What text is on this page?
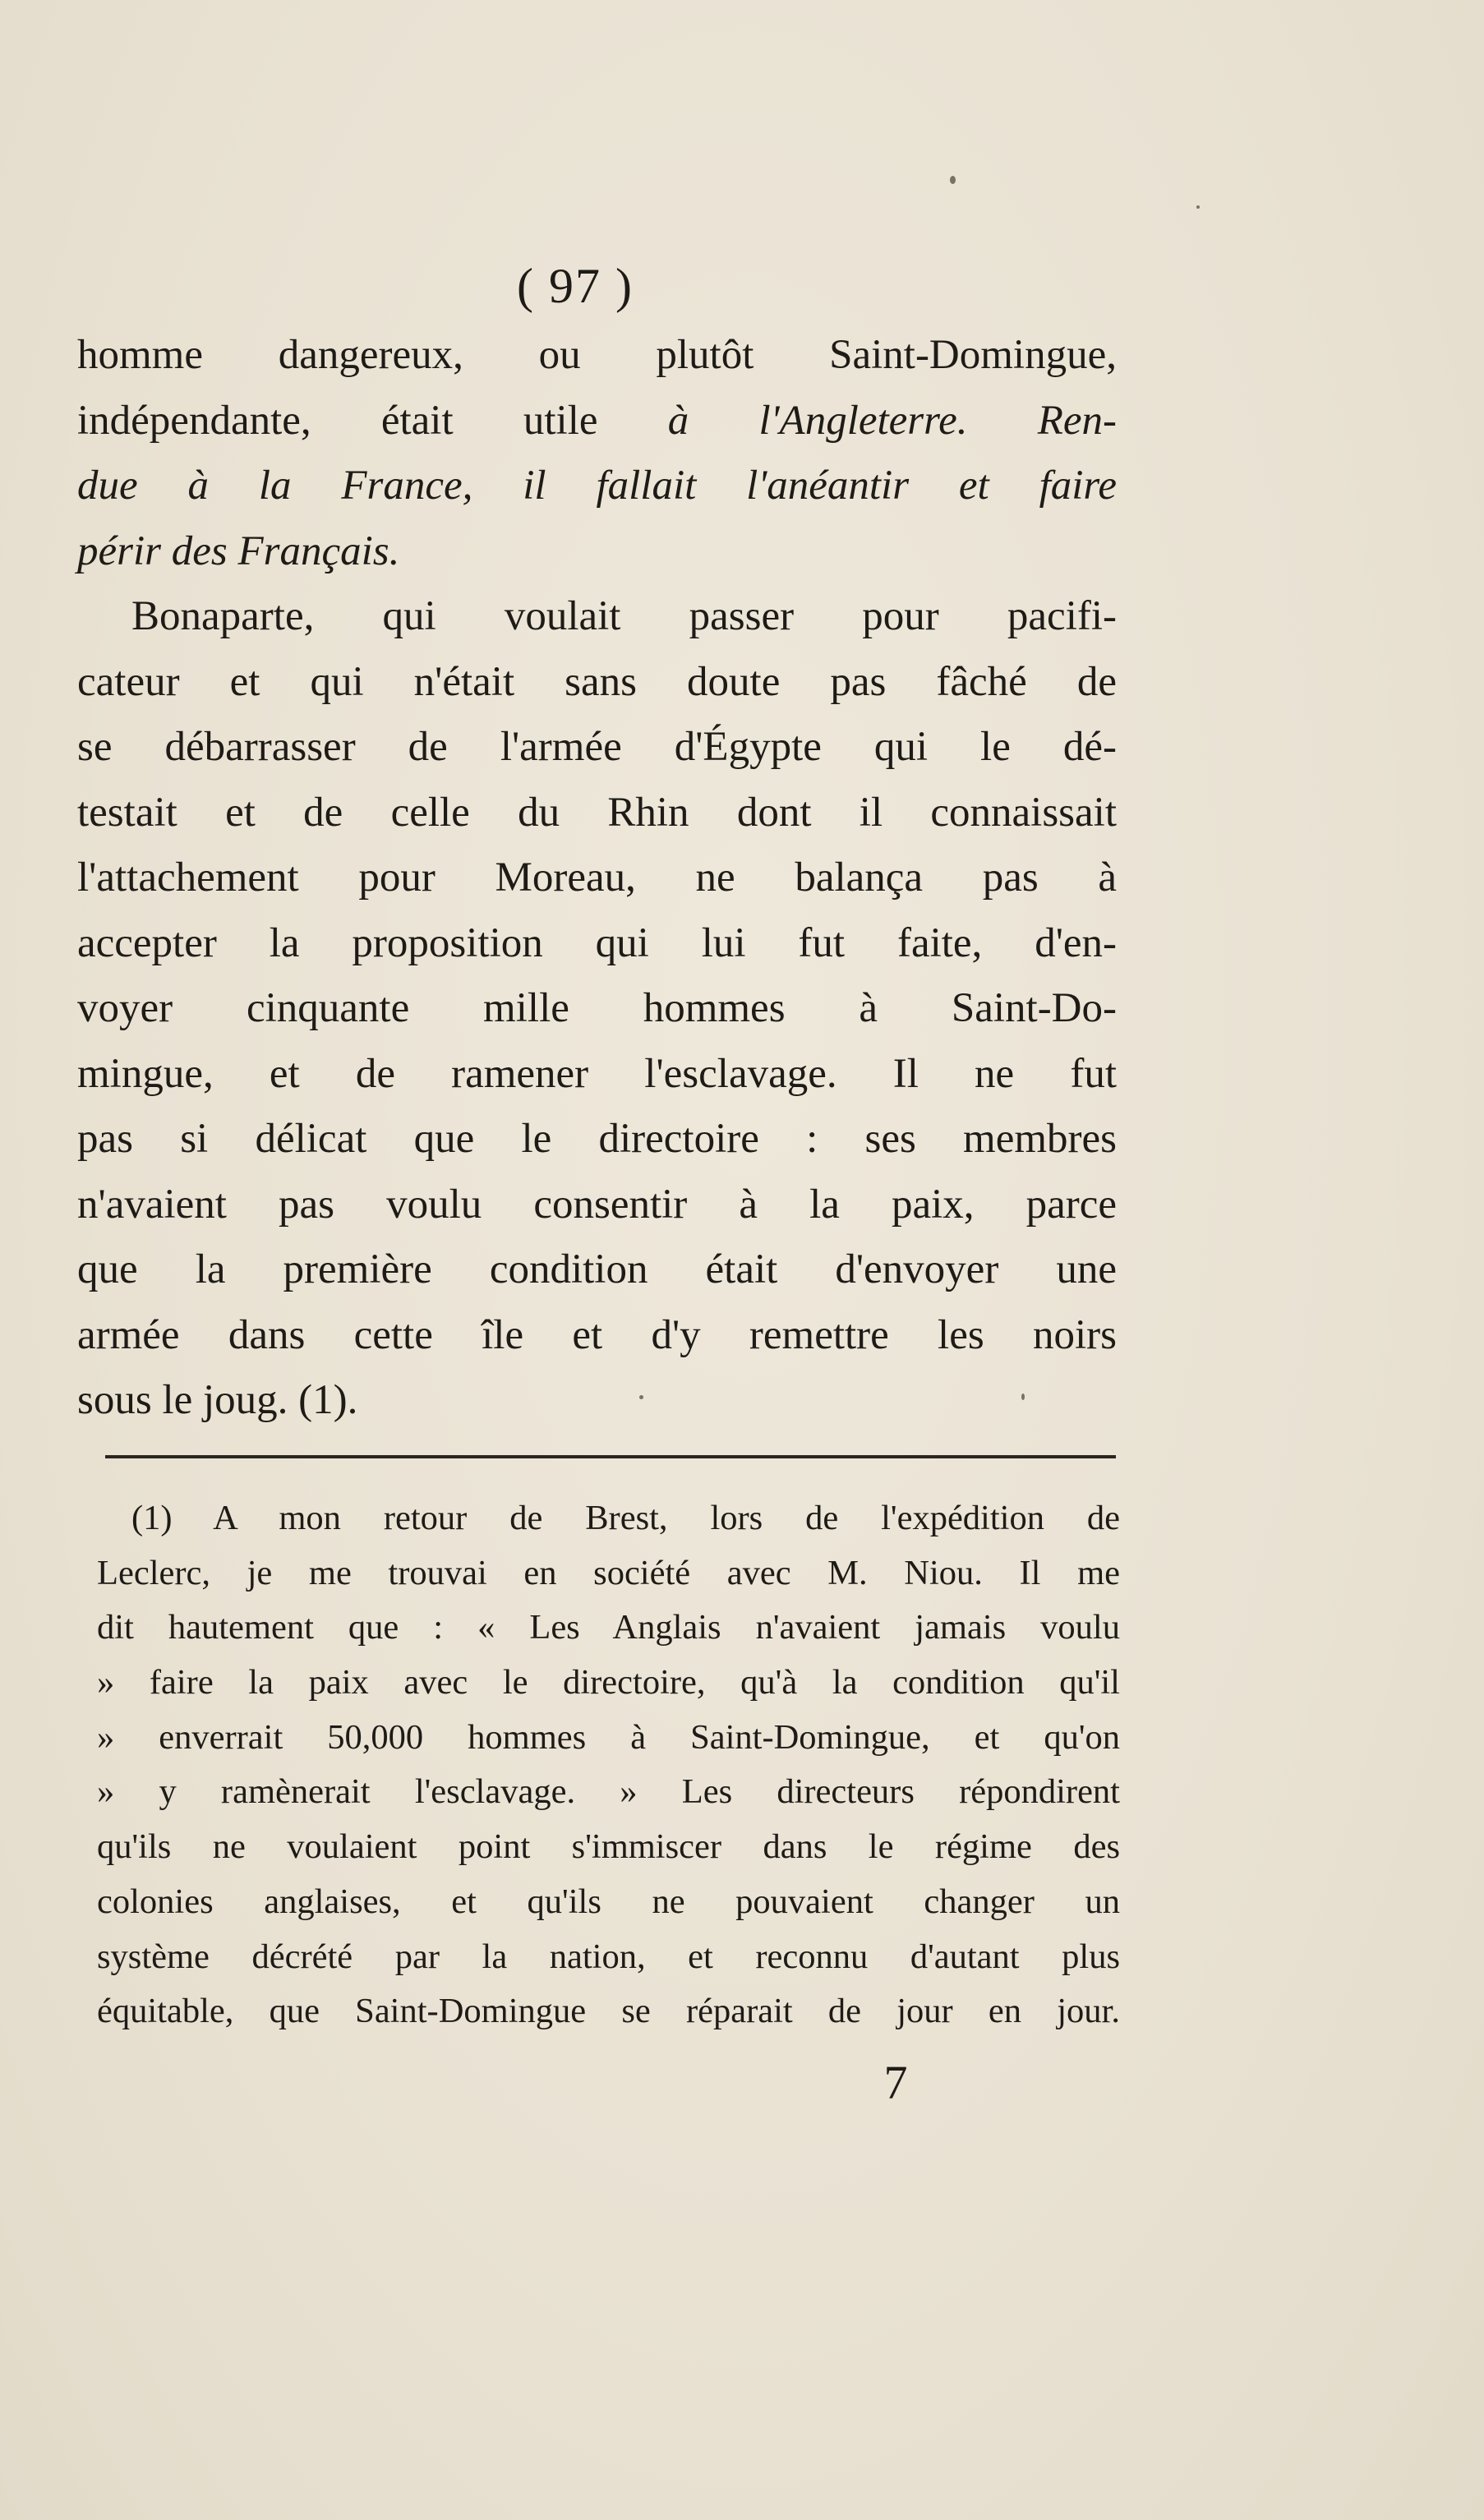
( 97 )
homme dangereux, ou plutôt Saint-Domingue,
indépendante, était utile à l'Angleterre. Ren-
due à la France, il fallait l'anéantir et faire
périr des Français.
Bonaparte, qui voulait passer pour pacifi-
cateur et qui n'était sans doute pas fâché de
se débarrasser de l'armée d'Égypte qui le dé-
testait et de celle du Rhin dont il connaissait
l'attachement pour Moreau, ne balança pas à
accepter la proposition qui lui fut faite, d'en-
voyer cinquante mille hommes à Saint-Do-
mingue, et de ramener l'esclavage. Il ne fut
pas si délicat que le directoire : ses membres
n'avaient pas voulu consentir à la paix, parce
que la première condition était d'envoyer une
armée dans cette île et d'y remettre les noirs
sous le joug. (1).
(1) A mon retour de Brest, lors de l'expédition de
Leclerc, je me trouvai en société avec M. Niou. Il me
dit hautement que : « Les Anglais n'avaient jamais voulu
» faire la paix avec le directoire, qu'à la condition qu'il
» enverrait 50,000 hommes à Saint-Domingue, et qu'on
» y ramènerait l'esclavage. » Les directeurs répondirent
qu'ils ne voulaient point s'immiscer dans le régime des
colonies anglaises, et qu'ils ne pouvaient changer un
système décrété par la nation, et reconnu d'autant plus
équitable, que Saint-Domingue se réparait de jour en jour.
7
